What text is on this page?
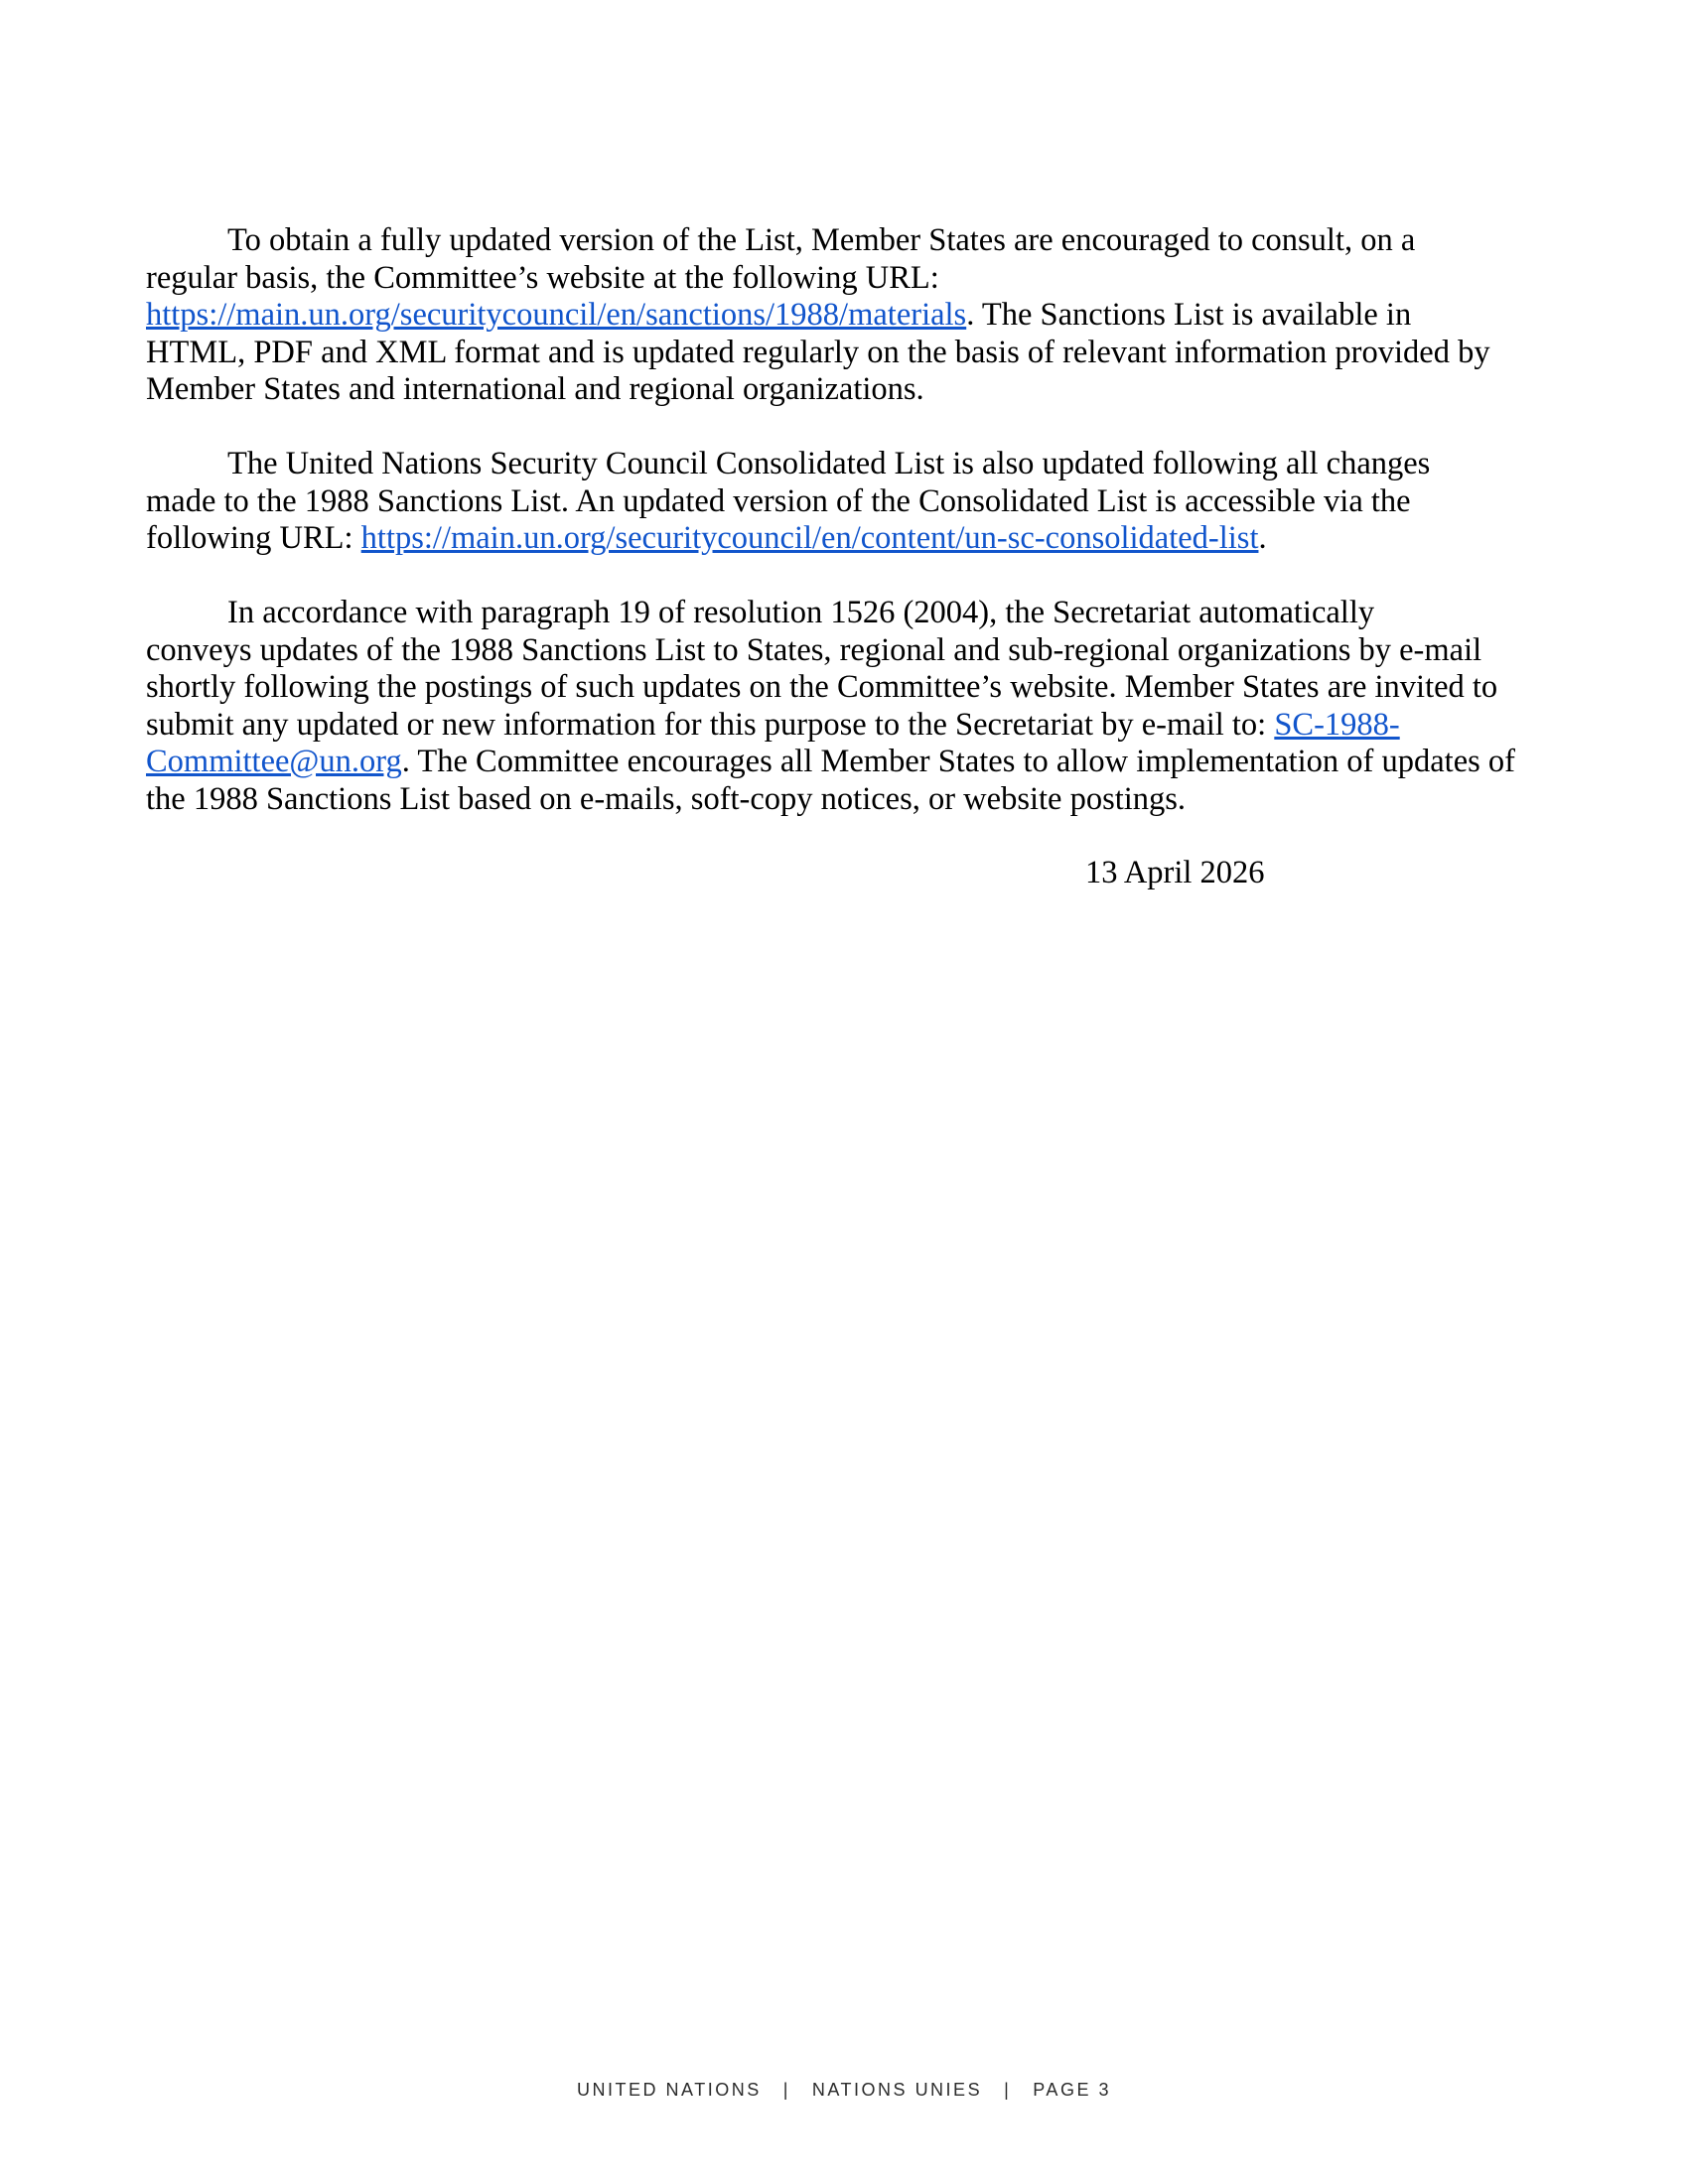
To obtain a fully updated version of the List, Member States are encouraged to consult, on a
regular basis, the Committee’s website at the following URL:
https://main.un.org/securitycouncil/en/sanctions/1988/materials. The Sanctions List is available in
HTML, PDF and XML format and is updated regularly on the basis of relevant information provided by
Member States and international and regional organizations.
The United Nations Security Council Consolidated List is also updated following all changes
made to the 1988 Sanctions List. An updated version of the Consolidated List is accessible via the
following URL: https://main.un.org/securitycouncil/en/content/un-sc-consolidated-list.
In accordance with paragraph 19 of resolution 1526 (2004), the Secretariat automatically
conveys updates of the 1988 Sanctions List to States, regional and sub-regional organizations by e-mail
shortly following the postings of such updates on the Committee’s website. Member States are invited to
submit any updated or new information for this purpose to the Secretariat by e-mail to: SC-1988-
Committee@un.org. The Committee encourages all Member States to allow implementation of updates of
the 1988 Sanctions List based on e-mails, soft-copy notices, or website postings.
13 April 2026
UNITED NATIONS | NATIONS UNIES | PAGE 3
